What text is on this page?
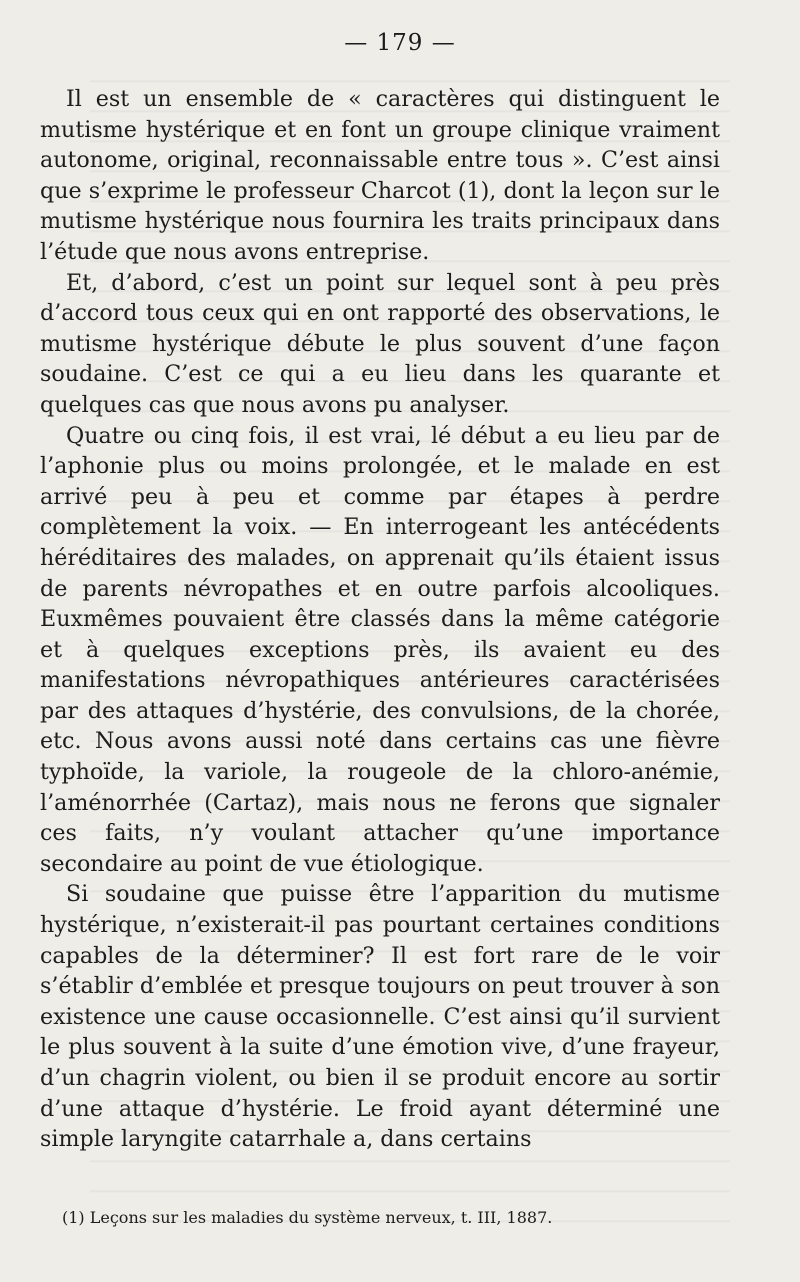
— 179 —

Il est un ensemble de « caractères qui distinguent le mutisme hystérique et en font un groupe clinique vraiment autonome, original, reconnaissable entre tous ». C’est ainsi que s’exprime le professeur Charcot (1), dont la leçon sur le mutisme hystérique nous fournira les traits principaux dans l’étude que nous avons entreprise.

Et, d’abord, c’est un point sur lequel sont à peu près d’accord tous ceux qui en ont rapporté des observations, le mutisme hystérique débute le plus souvent d’une façon soudaine. C’est ce qui a eu lieu dans les quarante et quelques cas que nous avons pu analyser.

Quatre ou cinq fois, il est vrai, lé début a eu lieu par de l’aphonie plus ou moins prolongée, et le malade en est arrivé peu à peu et comme par étapes à perdre complètement la voix. — En interrogeant les antécédents héréditaires des malades, on apprenait qu’ils étaient issus de parents névropathes et en outre parfois alcooliques. Euxmêmes pouvaient être classés dans la même catégorie et à quelques exceptions près, ils avaient eu des manifestations névropathiques antérieures caractérisées par des attaques d’hystérie, des convulsions, de la chorée, etc. Nous avons aussi noté dans certains cas une fièvre typhoïde, la variole, la rougeole de la chloro-anémie, l’aménorrhée (Cartaz), mais nous ne ferons que signaler ces faits, n’y voulant attacher qu’une importance secondaire au point de vue étiologique.

Si soudaine que puisse être l’apparition du mutisme hystérique, n’existerait-il pas pourtant certaines conditions capables de la déterminer? Il est fort rare de le voir s’établir d’emblée et presque toujours on peut trouver à son existence une cause occasionnelle. C’est ainsi qu’il survient le plus souvent à la suite d’une émotion vive, d’une frayeur, d’un chagrin violent, ou bien il se produit encore au sortir d’une attaque d’hystérie. Le froid ayant déterminé une simple laryngite catarrhale a, dans certains

(1) Leçons sur les maladies du système nerveux, t. III, 1887.
